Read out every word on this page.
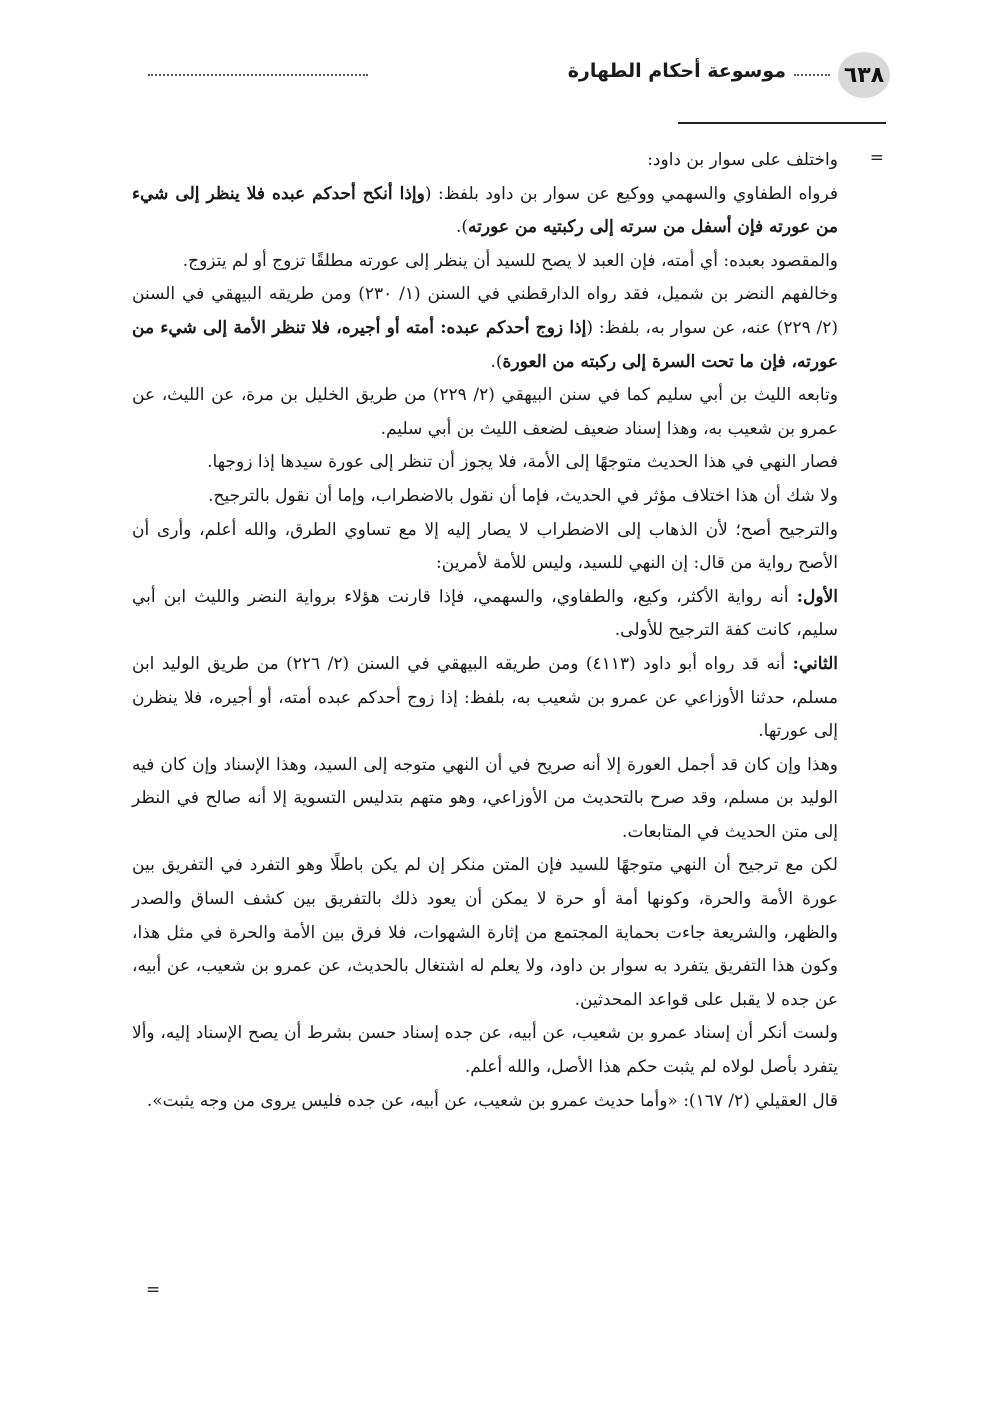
٦٣٨
موسوعة أحكام الطهارة
=

واختلف على سوار بن داود:

فرواه الطفاوي والسهمي ووكيع عن سوار بن داود بلفظ: (وإذا أنكح أحدكم عبده فلا ينظر إلى شيء من عورته فإن أسفل من سرته إلى ركبتيه من عورته).

والمقصود بعبده: أي أمته، فإن العبد لا يصح للسيد أن ينظر إلى عورته مطلقًا تزوج أو لم يتزوج.

وخالفهم النضر بن شميل، فقد رواه الدارقطني في السنن (١/ ٢٣٠) ومن طريقه البيهقي في السنن (٢/ ٢٢٩) عنه، عن سوار به، بلفظ: (إذا زوج أحدكم عبده: أمته أو أجيره، فلا تنظر الأمة إلى شيء من عورته، فإن ما تحت السرة إلى ركبته من العورة).

وتابعه الليث بن أبي سليم كما في سنن البيهقي (٢/ ٢٢٩) من طريق الخليل بن مرة، عن الليث، عن عمرو بن شعيب به، وهذا إسناد ضعيف لضعف الليث بن أبي سليم.

فصار النهي في هذا الحديث متوجهًا إلى الأمة، فلا يجوز أن تنظر إلى عورة سيدها إذا زوجها.

ولا شك أن هذا اختلاف مؤثر في الحديث، فإما أن نقول بالاضطراب، وإما أن نقول بالترجيح.

والترجيح أصح؛ لأن الذهاب إلى الاضطراب لا يصار إليه إلا مع تساوي الطرق، والله أعلم، وأرى أن الأصح رواية من قال: إن النهي للسيد، وليس للأمة لأمرين:

الأول: أنه رواية الأكثر، وكيع، والطفاوي، والسهمي، فإذا قارنت هؤلاء برواية النضر والليث ابن أبي سليم، كانت كفة الترجيح للأولى.

الثاني: أنه قد رواه أبو داود (٤١١٣) ومن طريقه البيهقي في السنن (٢/ ٢٢٦) من طريق الوليد ابن مسلم، حدثنا الأوزاعي عن عمرو بن شعيب به، بلفظ: إذا زوج أحدكم عبده أمته، أو أجيره، فلا ينظرن إلى عورتها.

وهذا وإن كان قد أجمل العورة إلا أنه صريح في أن النهي متوجه إلى السيد، وهذا الإسناد وإن كان فيه الوليد بن مسلم، وقد صرح بالتحديث من الأوزاعي، وهو متهم بتدليس التسوية إلا أنه صالح في النظر إلى متن الحديث في المتابعات.

لكن مع ترجيح أن النهي متوجهًا للسيد فإن المتن منكر إن لم يكن باطلًا وهو التفرد في التفريق بين عورة الأمة والحرة، وكونها أمة أو حرة لا يمكن أن يعود ذلك بالتفريق بين كشف الساق والصدر والظهر، والشريعة جاءت بحماية المجتمع من إثارة الشهوات، فلا فرق بين الأمة والحرة في مثل هذا، وكون هذا التفريق يتفرد به سوار بن داود، ولا يعلم له اشتغال بالحديث، عن عمرو بن شعيب، عن أبيه، عن جده لا يقبل على قواعد المحدثين.

ولست أنكر أن إسناد عمرو بن شعيب، عن أبيه، عن جده إسناد حسن بشرط أن يصح الإسناد إليه، وألا يتفرد بأصل لولاه لم يثبت حكم هذا الأصل، والله أعلم.

قال العقيلي (٢/ ١٦٧): «وأما حديث عمرو بن شعيب، عن أبيه، عن جده فليس يروى من وجه يثبت».

=
